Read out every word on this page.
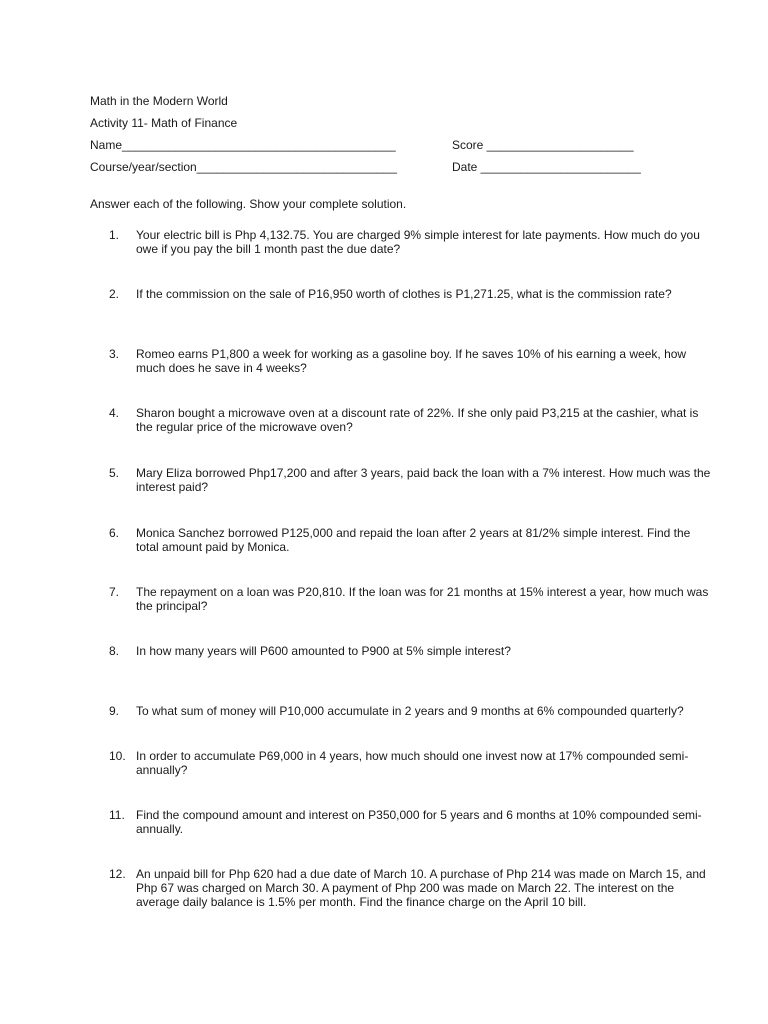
Math in the Modern World
Activity 11- Math of Finance
Name_________________________________________	Score ______________________
Course/year/section______________________________	Date ________________________
Answer each of the following. Show your complete solution.
1.	Your electric bill is Php 4,132.75. You are charged 9% simple interest for late payments. How much do you owe if you pay the bill 1 month past the due date?
2.	If the commission on the sale of P16,950 worth of clothes is P1,271.25, what is the commission rate?
3.	Romeo earns P1,800 a week for working as a gasoline boy. If he saves 10% of his earning a week, how much does he save in 4 weeks?
4.	Sharon bought a microwave oven at a discount rate of 22%. If she only paid P3,215 at the cashier, what is the regular price of the microwave oven?
5.	Mary Eliza borrowed Php17,200 and after 3 years, paid back the loan with a 7% interest. How much was the interest paid?
6.	Monica Sanchez borrowed P125,000 and repaid the loan after 2 years at 81/2% simple interest. Find the total amount paid by Monica.
7.	The repayment on a loan was P20,810. If the loan was for 21 months at 15% interest a year, how much was the principal?
8.	In how many years will P600 amounted to P900 at 5% simple interest?
9.	To what sum of money will P10,000 accumulate in 2 years and 9 months at 6% compounded quarterly?
10. In order to accumulate P69,000 in 4 years, how much should one invest now at 17% compounded semi-annually?
11. Find the compound amount and interest on P350,000 for 5 years and 6 months at 10% compounded semi-annually.
12. An unpaid bill for Php 620 had a due date of March 10. A purchase of Php 214 was made on March 15, and Php 67 was charged on March 30. A payment of Php 200 was made on March 22. The interest on the average daily balance is 1.5% per month. Find the finance charge on the April 10 bill.
